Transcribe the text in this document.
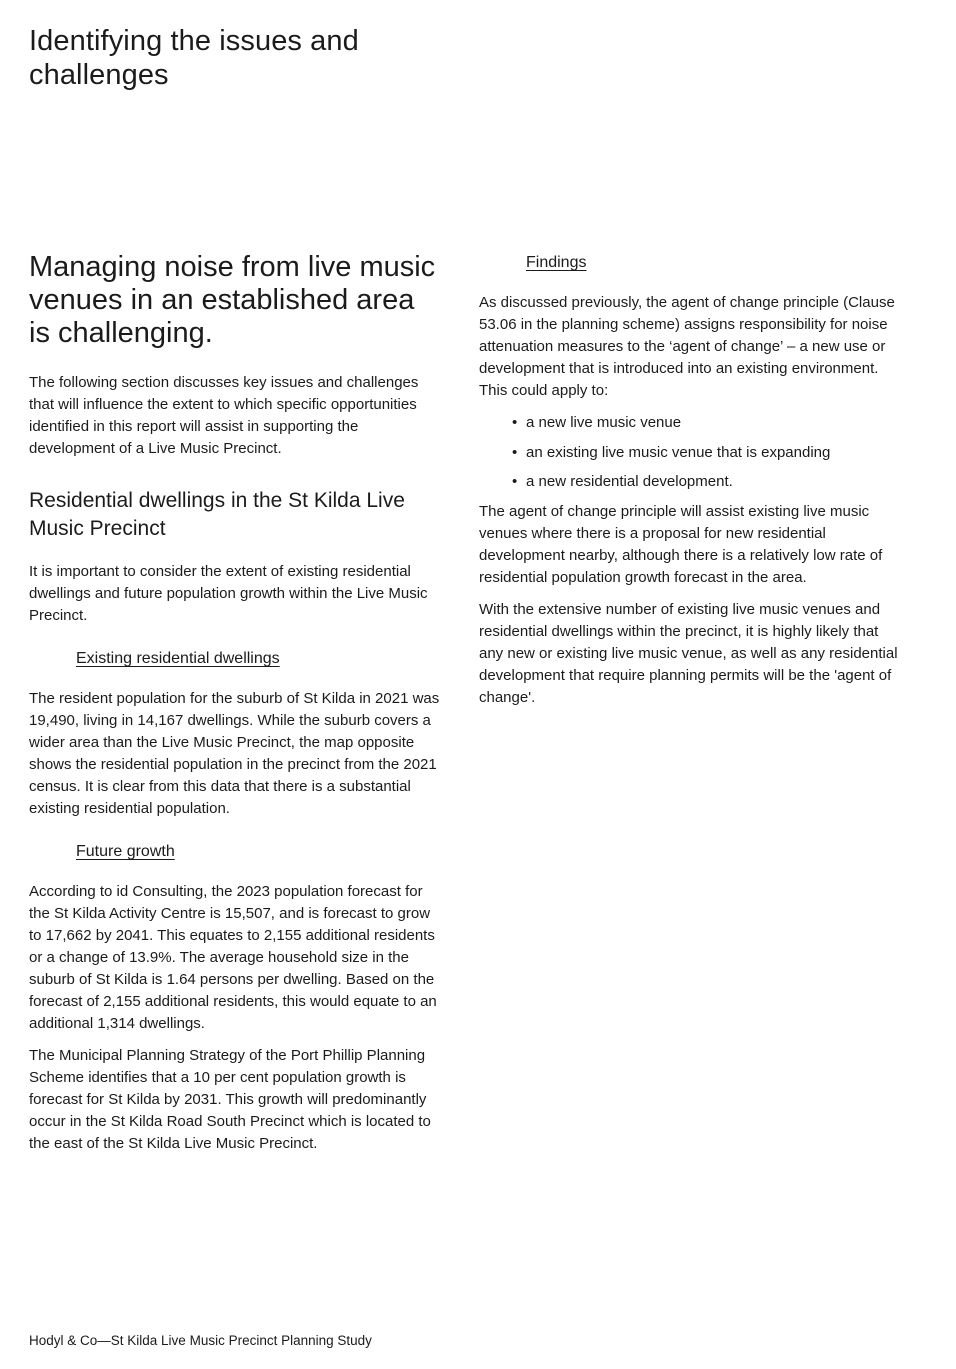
Identifying the issues and challenges
Managing noise from live music venues in an established area is challenging.

The following section discusses key issues and challenges that will influence the extent to which specific opportunities identified in this report will assist in supporting the development of a Live Music Precinct.

Residential dwellings in the St Kilda Live Music Precinct

It is important to consider the extent of existing residential dwellings and future population growth within the Live Music Precinct.

Existing residential dwellings

The resident population for the suburb of St Kilda in 2021 was 19,490, living in 14,167 dwellings. While the suburb covers a wider area than the Live Music Precinct, the map opposite shows the residential population in the precinct from the 2021 census. It is clear from this data that there is a substantial existing residential population.

Future growth

According to id Consulting, the 2023 population forecast for the St Kilda Activity Centre is 15,507, and is forecast to grow to 17,662 by 2041. This equates to 2,155 additional residents or a change of 13.9%. The average household size in the suburb of St Kilda is 1.64 persons per dwelling. Based on the forecast of 2,155 additional residents, this would equate to an additional 1,314 dwellings.

The Municipal Planning Strategy of the Port Phillip Planning Scheme identifies that a 10 per cent population growth is forecast for St Kilda by 2031. This growth will predominantly occur in the St Kilda Road South Precinct which is located to the east of the St Kilda Live Music Precinct.

Findings

As discussed previously, the agent of change principle (Clause 53.06 in the planning scheme) assigns responsibility for noise attenuation measures to the ‘agent of change’ – a new use or development that is introduced into an existing environment. This could apply to:

• a new live music venue
• an existing live music venue that is expanding
• a new residential development.

The agent of change principle will assist existing live music venues where there is a proposal for new residential development nearby, although there is a relatively low rate of residential population growth forecast in the area.

With the extensive number of existing live music venues and residential dwellings within the precinct, it is highly likely that any new or existing live music venue, as well as any residential development that require planning permits will be the 'agent of change'.

Hodyl & Co—St Kilda Live Music Precinct Planning Study
